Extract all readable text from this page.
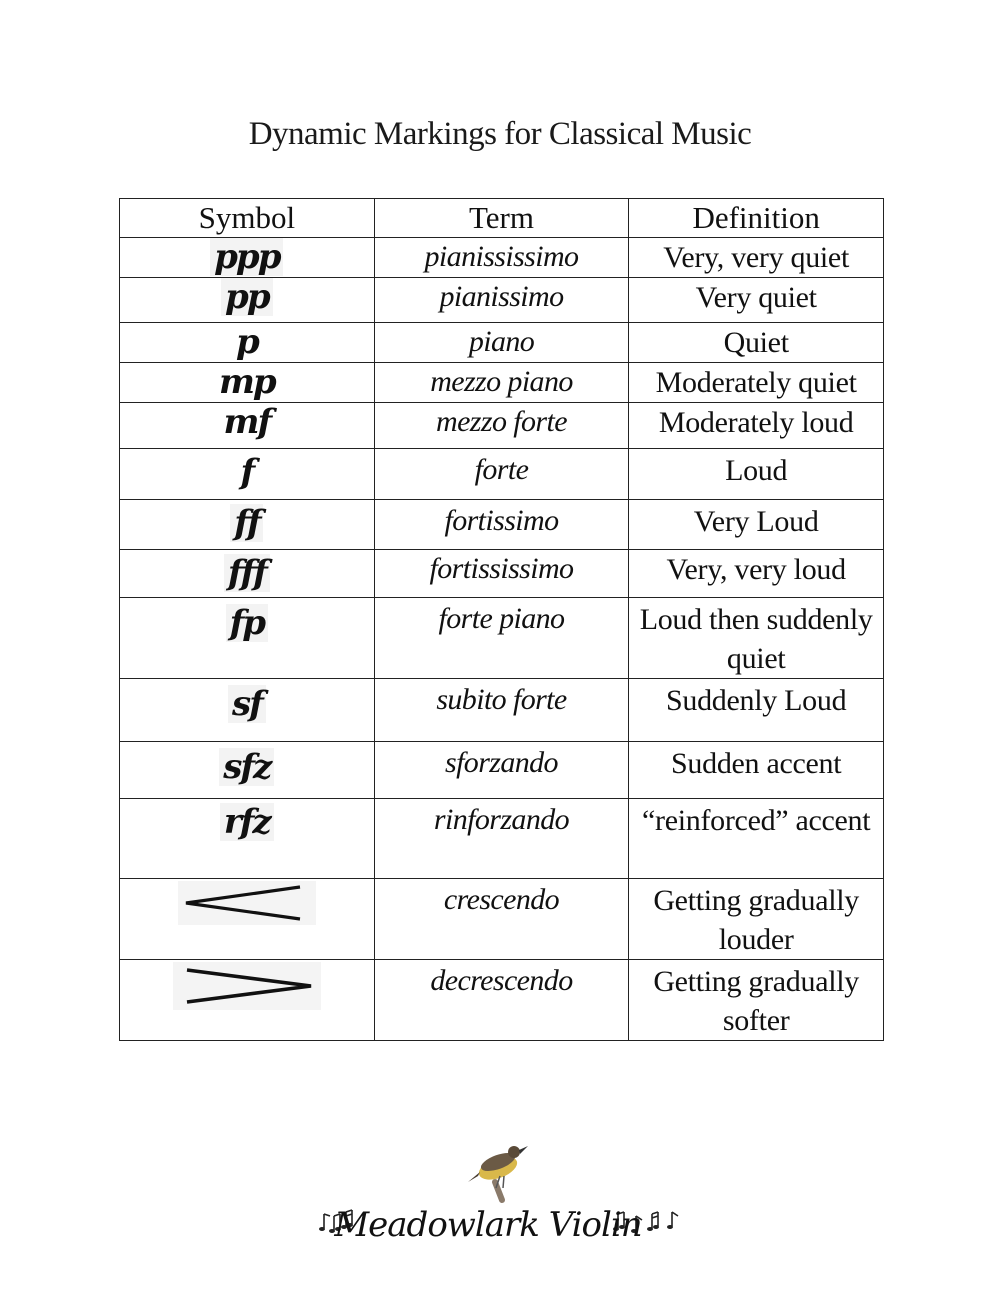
Dynamic Markings for Classical Music
Symbol	Term	Definition
ppp	pianississimo	Very, very quiet
pp	pianissimo	Very quiet
p	piano	Quiet
mp	mezzo piano	Moderately quiet
mf	mezzo forte	Moderately loud
f	forte	Loud
ff	fortissimo	Very Loud
fff	fortississimo	Very, very loud
fp	forte piano	Loud then suddenly quiet
sf	subito forte	Suddenly Loud
sfz	sforzando	Sudden accent
rfz	rinforzando	“reinforced” accent

	crescendo	Getting gradually louder

	decrescendo	Getting gradually softer
Meadowlark Violin
